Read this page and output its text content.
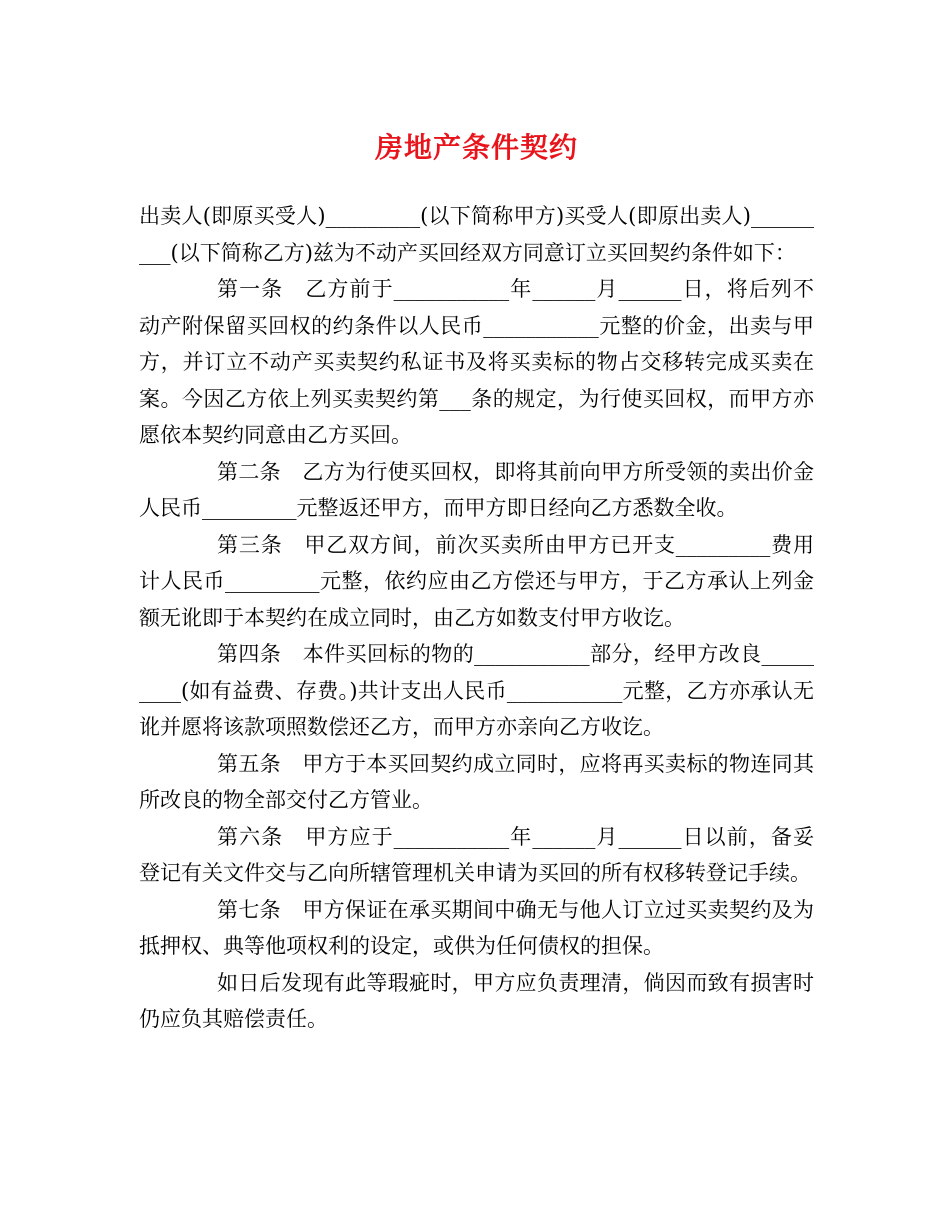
房地产条件契约

出卖人(即原买受人)_________(以下简称甲方)买受人(即原出卖人)_________(以下简称乙方)兹为不动产买回经双方同意订立买回契约条件如下：

第一条　乙方前于___________年______月______日，将后列不动产附保留买回权的约条件以人民币___________元整的价金，出卖与甲方，并订立不动产买卖契约私证书及将买卖标的物占交移转完成买卖在案。今因乙方依上列买卖契约第___条的规定，为行使买回权，而甲方亦愿依本契约同意由乙方买回。

第二条　乙方为行使买回权，即将其前向甲方所受领的卖出价金人民币_________元整返还甲方，而甲方即日经向乙方悉数全收。

第三条　甲乙双方间，前次买卖所由甲方已开支_________费用计人民币_________元整，依约应由乙方偿还与甲方，于乙方承认上列金额无讹即于本契约在成立同时，由乙方如数支付甲方收讫。

第四条　本件买回标的物的___________部分，经甲方改良_________(如有益费、存费。)共计支出人民币___________元整，乙方亦承认无讹并愿将该款项照数偿还乙方，而甲方亦亲向乙方收讫。

第五条　甲方于本买回契约成立同时，应将再买卖标的物连同其所改良的物全部交付乙方管业。

第六条　甲方应于___________年______月______日以前，备妥登记有关文件交与乙向所辖管理机关申请为买回的所有权移转登记手续。

第七条　甲方保证在承买期间中确无与他人订立过买卖契约及为抵押权、典等他项权利的设定，或供为任何债权的担保。

如日后发现有此等瑕疵时，甲方应负责理清，倘因而致有损害时仍应负其赔偿责任。
